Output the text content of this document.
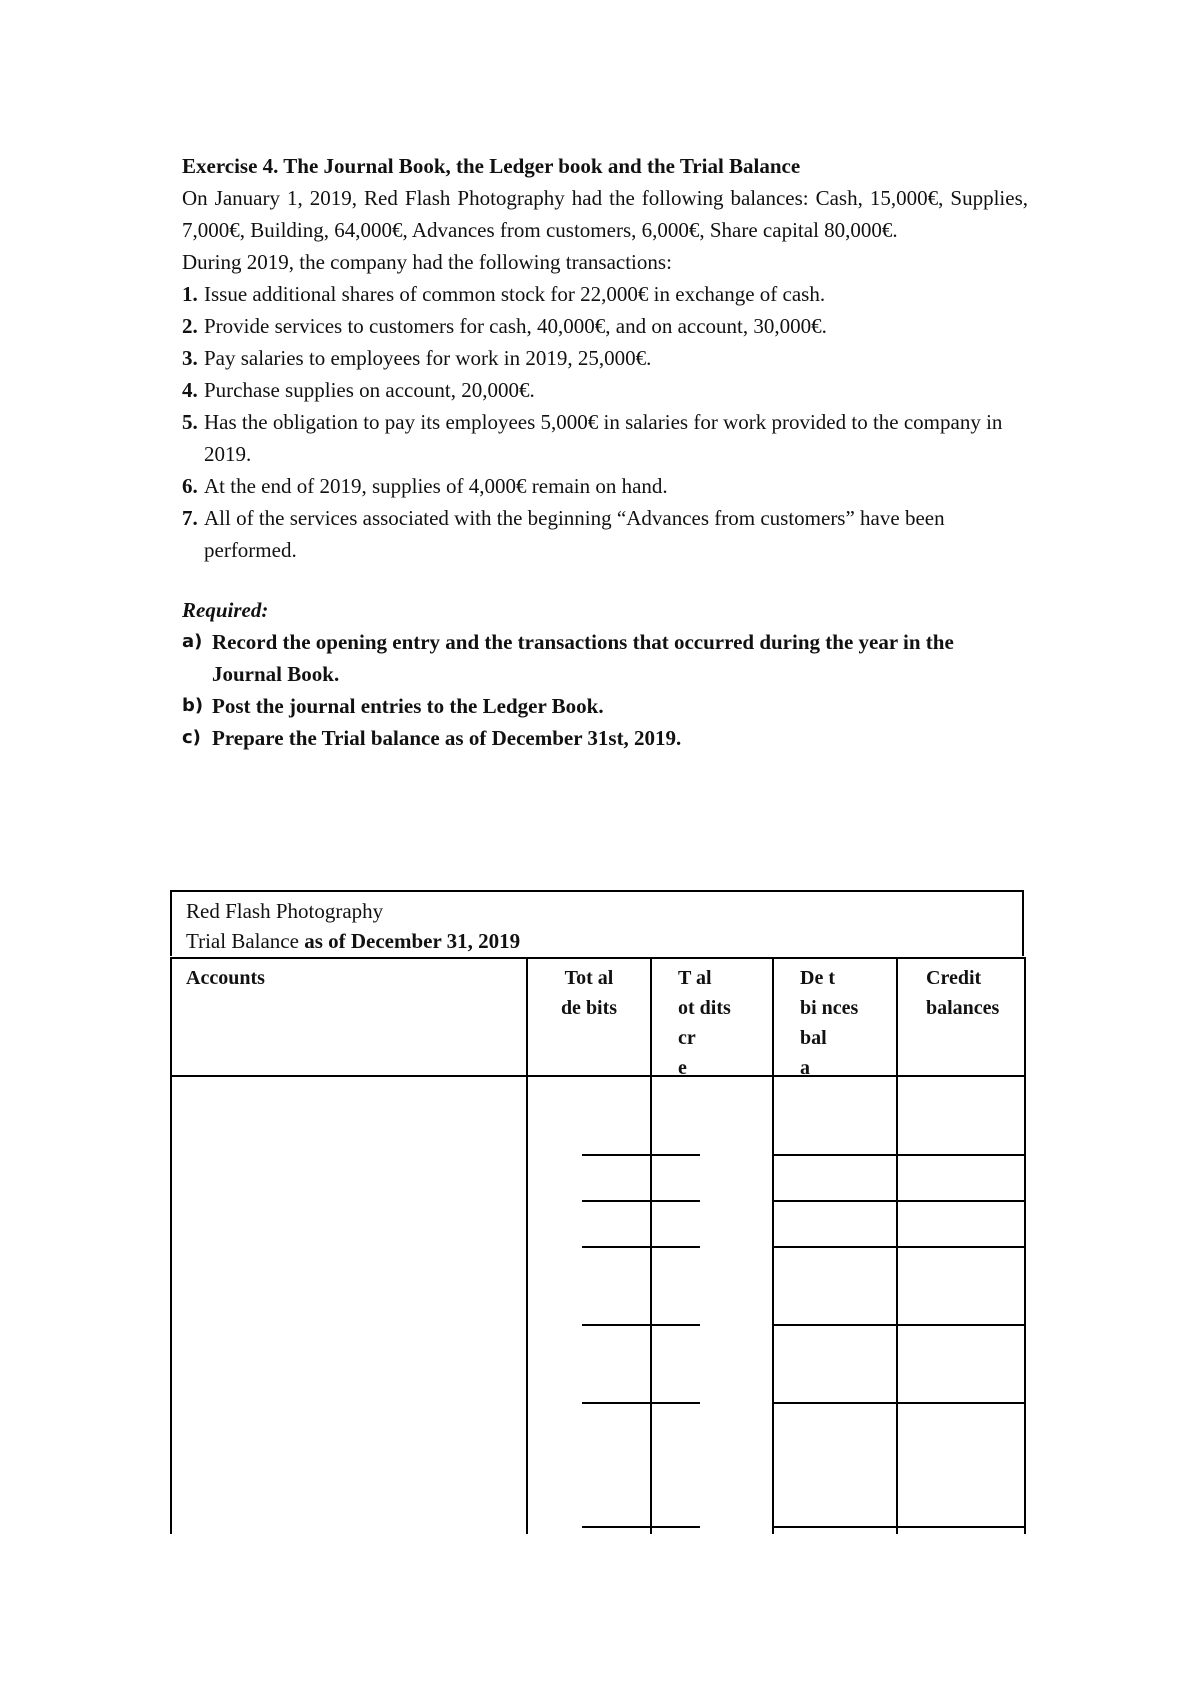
Exercise 4. The Journal Book, the Ledger book and the Trial Balance
On January 1, 2019, Red Flash Photography had the following balances: Cash, 15,000€, Supplies, 7,000€, Building, 64,000€, Advances from customers, 6,000€, Share capital 80,000€.
During 2019, the company had the following transactions:
1. Issue additional shares of common stock for 22,000€ in exchange of cash.
2. Provide services to customers for cash, 40,000€, and on account, 30,000€.
3. Pay salaries to employees for work in 2019, 25,000€.
4. Purchase supplies on account, 20,000€.
5. Has the obligation to pay its employees 5,000€ in salaries for work provided to the company in 2019.
6. At the end of 2019, supplies of 4,000€ remain on hand.
7. All of the services associated with the beginning “Advances from customers” have been performed.
Required:
a) Record the opening entry and the transactions that occurred during the year in the Journal Book.
b) Post the journal entries to the Ledger Book.
c) Prepare the Trial balance as of December 31st, 2019.
Red Flash Photography
Trial Balance as of December 31, 2019
Accounts	Tot al
de bits
T al
ot dits
cr
e
De t
bi nces
bal
a
Credit
balances
